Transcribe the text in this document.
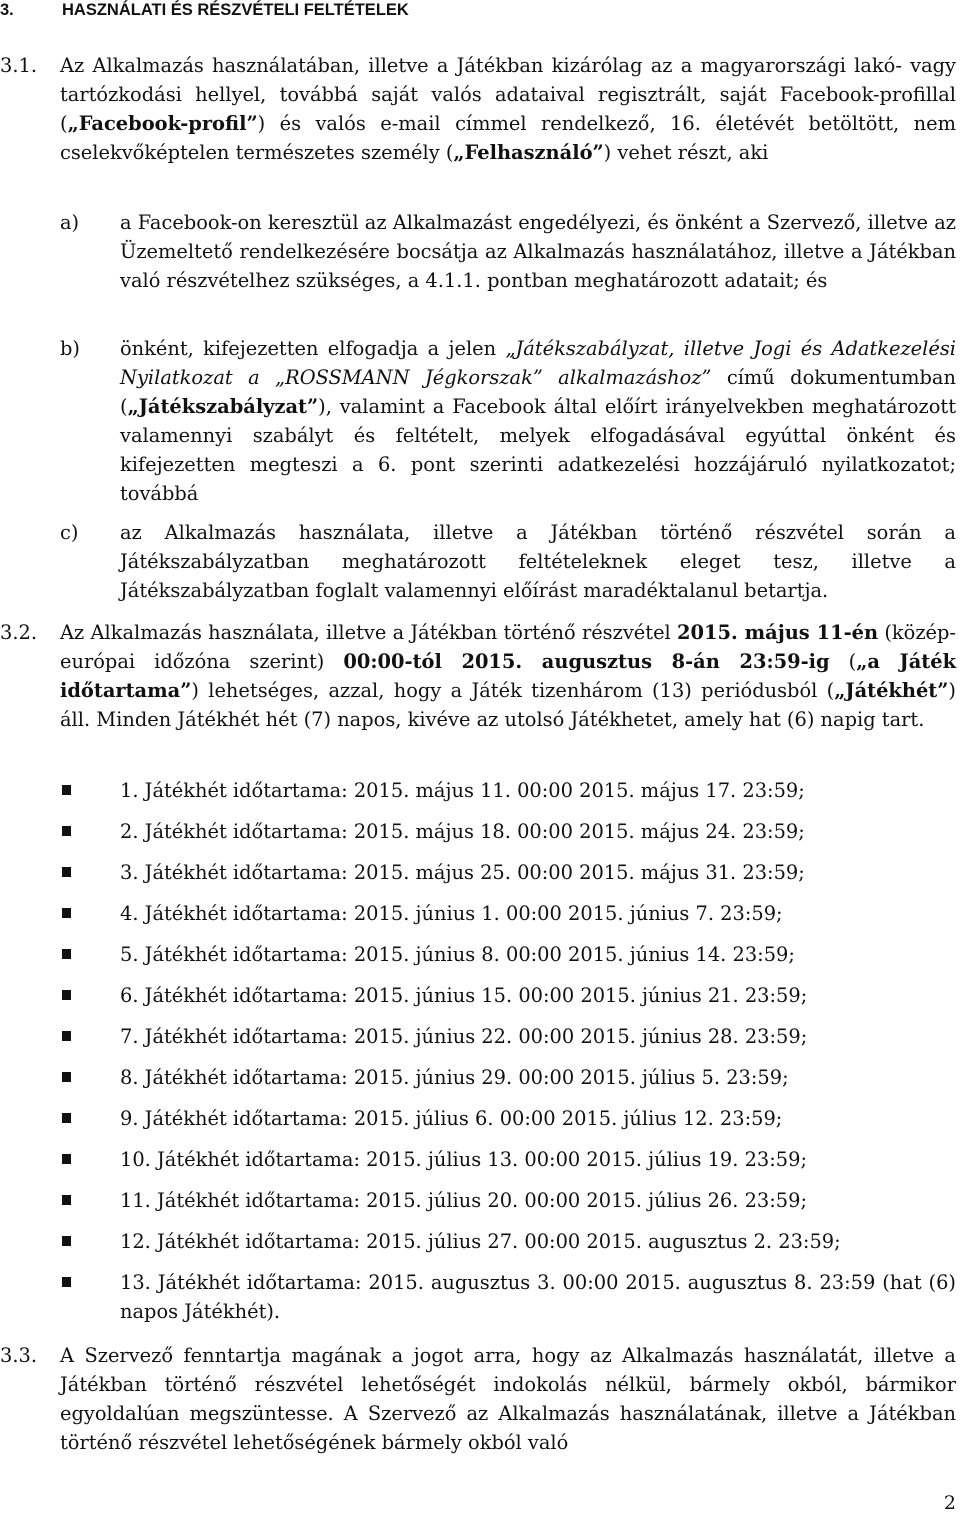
3.	HASZNÁLATI ÉS RÉSZVÉTELI FELTÉTELEK
3.1. Az Alkalmazás használatában, illetve a Játékban kizárólag az a magyarországi lakó- vagy tartózkodási hellyel, továbbá saját valós adataival regisztrált, saját Facebook-profillal („Facebook-profil”) és valós e-mail címmel rendelkező, 16. életévét betöltött, nem cselekvőképtelen természetes személy („Felhasználó”) vehet részt, aki
a) a Facebook-on keresztül az Alkalmazást engedélyezi, és önként a Szervező, illetve az Üzemeltető rendelkezésére bocsátja az Alkalmazás használatához, illetve a Játékban való részvételhez szükséges, a 4.1.1. pontban meghatározott adatait; és
b) önként, kifejezetten elfogadja a jelen „Játékszabályzat, illetve Jogi és Adatkezelési Nyilatkozat a „ROSSMANN Jégkorszak” alkalmazáshoz” című dokumentumban („Játékszabályzat”), valamint a Facebook által előírt irányelvekben meghatározott valamennyi szabályt és feltételt, melyek elfogadásával egyúttal önként és kifejezetten megteszi a 6. pont szerinti adatkezelési hozzájáruló nyilatkozatot; továbbá
c) az Alkalmazás használata, illetve a Játékban történő részvétel során a Játékszabályzatban meghatározott feltételeknek eleget tesz, illetve a Játékszabályzatban foglalt valamennyi előírást maradéktalanul betartja.
3.2. Az Alkalmazás használata, illetve a Játékban történő részvétel 2015. május 11-én (közép-európai időzóna szerint) 00:00-tól 2015. augusztus 8-án 23:59-ig („a Játék időtartama”) lehetséges, azzal, hogy a Játék tizenhárom (13) periódusból („Játékhét”) áll. Minden Játékhét hét (7) napos, kivéve az utolsó Játékhetet, amely hat (6) napig tart.
1. Játékhét időtartama: 2015. május 11. 00:00 2015. május 17. 23:59;
2. Játékhét időtartama: 2015. május 18. 00:00 2015. május 24. 23:59;
3. Játékhét időtartama: 2015. május 25. 00:00 2015. május 31. 23:59;
4. Játékhét időtartama: 2015. június 1. 00:00 2015. június 7. 23:59;
5. Játékhét időtartama: 2015. június 8. 00:00 2015. június 14. 23:59;
6. Játékhét időtartama: 2015. június 15. 00:00 2015. június 21. 23:59;
7. Játékhét időtartama: 2015. június 22. 00:00 2015. június 28. 23:59;
8. Játékhét időtartama: 2015. június 29. 00:00 2015. július 5. 23:59;
9. Játékhét időtartama: 2015. július 6. 00:00 2015. július 12. 23:59;
10. Játékhét időtartama: 2015. július 13. 00:00 2015. július 19. 23:59;
11. Játékhét időtartama: 2015. július 20. 00:00 2015. július 26. 23:59;
12. Játékhét időtartama: 2015. július 27. 00:00 2015. augusztus 2. 23:59;
13. Játékhét időtartama: 2015. augusztus 3. 00:00 2015. augusztus 8. 23:59 (hat (6) napos Játékhét).
3.3. A Szervező fenntartja magának a jogot arra, hogy az Alkalmazás használatát, illetve a Játékban történő részvétel lehetőségét indokolás nélkül, bármely okból, bármikor egyoldalúan megszüntesse. A Szervező az Alkalmazás használatának, illetve a Játékban történő részvétel lehetőségének bármely okból való
2
